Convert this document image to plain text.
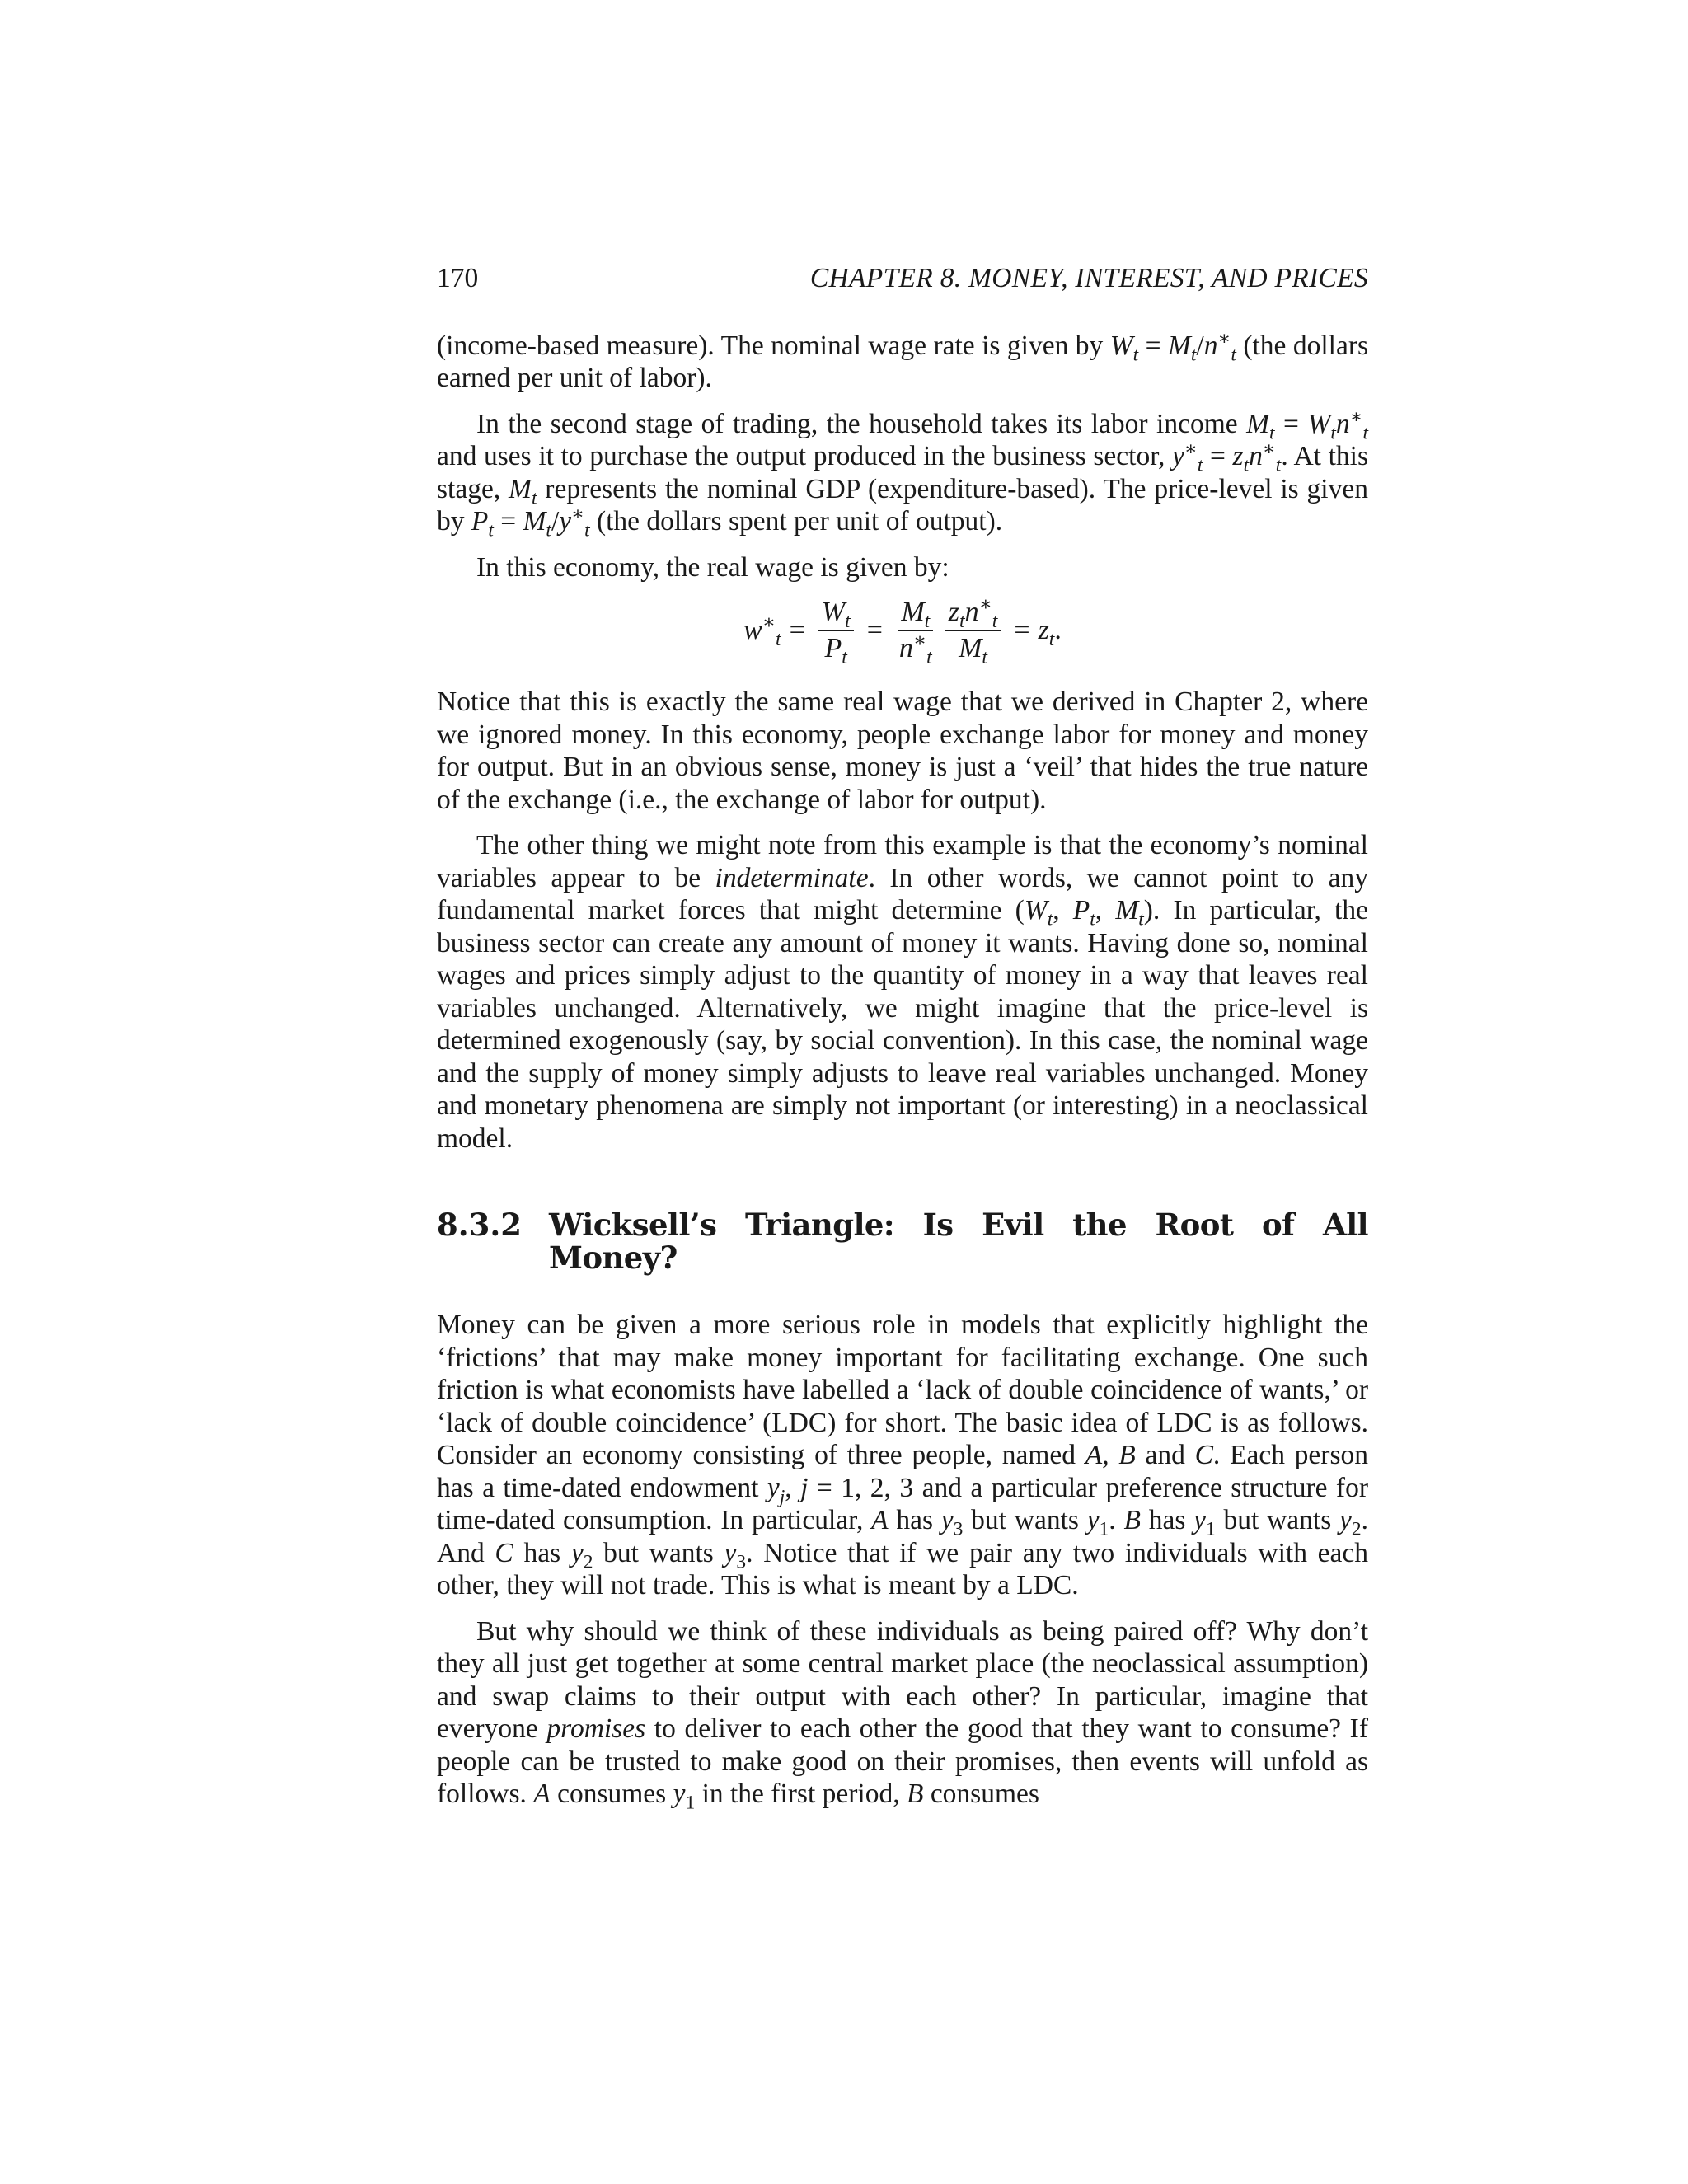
170	CHAPTER 8. MONEY, INTEREST, AND PRICES

(income-based measure). The nominal wage rate is given by $W_t = M_t/n^∗_t$ (the dollars earned per unit of labor).

In the second stage of trading, the household takes its labor income $M_t = W_tn^∗_t$ and uses it to purchase the output produced in the business sector, $y^∗_t = z_tn^∗_t$. At this stage, $M_t$ represents the nominal GDP (expenditure-based). The price-level is given by $P_t = M_t/y^∗_t$ (the dollars spent per unit of output).

In this economy, the real wage is given by:

$w^∗_t = \frac{W_t}{P_t} = \frac{M_t}{n^∗_t} \frac{z_tn^∗_t}{M_t} = z_t$ .

Notice that this is exactly the same real wage that we derived in Chapter 2, where we ignored money. In this economy, people exchange labor for money and money for output. But in an obvious sense, money is just a ‘veil’ that hides the true nature of the exchange (i.e., the exchange of labor for output).

The other thing we might note from this example is that the economy’s nominal variables appear to be indeterminate. In other words, we cannot point to any fundamental market forces that might determine ($W_t$, $P_t$, $M_t$). In particular, the business sector can create any amount of money it wants. Having done so, nominal wages and prices simply adjust to the quantity of money in a way that leaves real variables unchanged. Alternatively, we might imagine that the price-level is determined exogenously (say, by social convention). In this case, the nominal wage and the supply of money simply adjusts to leave real variables unchanged. Money and monetary phenomena are simply not important (or interesting) in a neoclassical model.

8.3.2 Wicksell’s Triangle: Is Evil the Root of All Money?

Money can be given a more serious role in models that explicitly highlight the ‘frictions’ that may make money important for facilitating exchange. One such friction is what economists have labelled a ‘lack of double coincidence of wants,’ or ‘lack of double coincidence’ (LDC) for short. The basic idea of LDC is as follows. Consider an economy consisting of three people, named A, B and C. Each person has a time-dated endowment $y_j$, j = 1, 2, 3 and a particular preference structure for time-dated consumption. In particular, A has $y_3$ but wants $y_1$. B has $y_1$ but wants $y_2$. And C has $y_2$ but wants $y_3$. Notice that if we pair any two individuals with each other, they will not trade. This is what is meant by a LDC.

But why should we think of these individuals as being paired off? Why don’t they all just get together at some central market place (the neoclassical assumption) and swap claims to their output with each other? In particular, imagine that everyone promises to deliver to each other the good that they want to consume? If people can be trusted to make good on their promises, then events will unfold as follows. A consumes $y_1$ in the first period, B consumes
